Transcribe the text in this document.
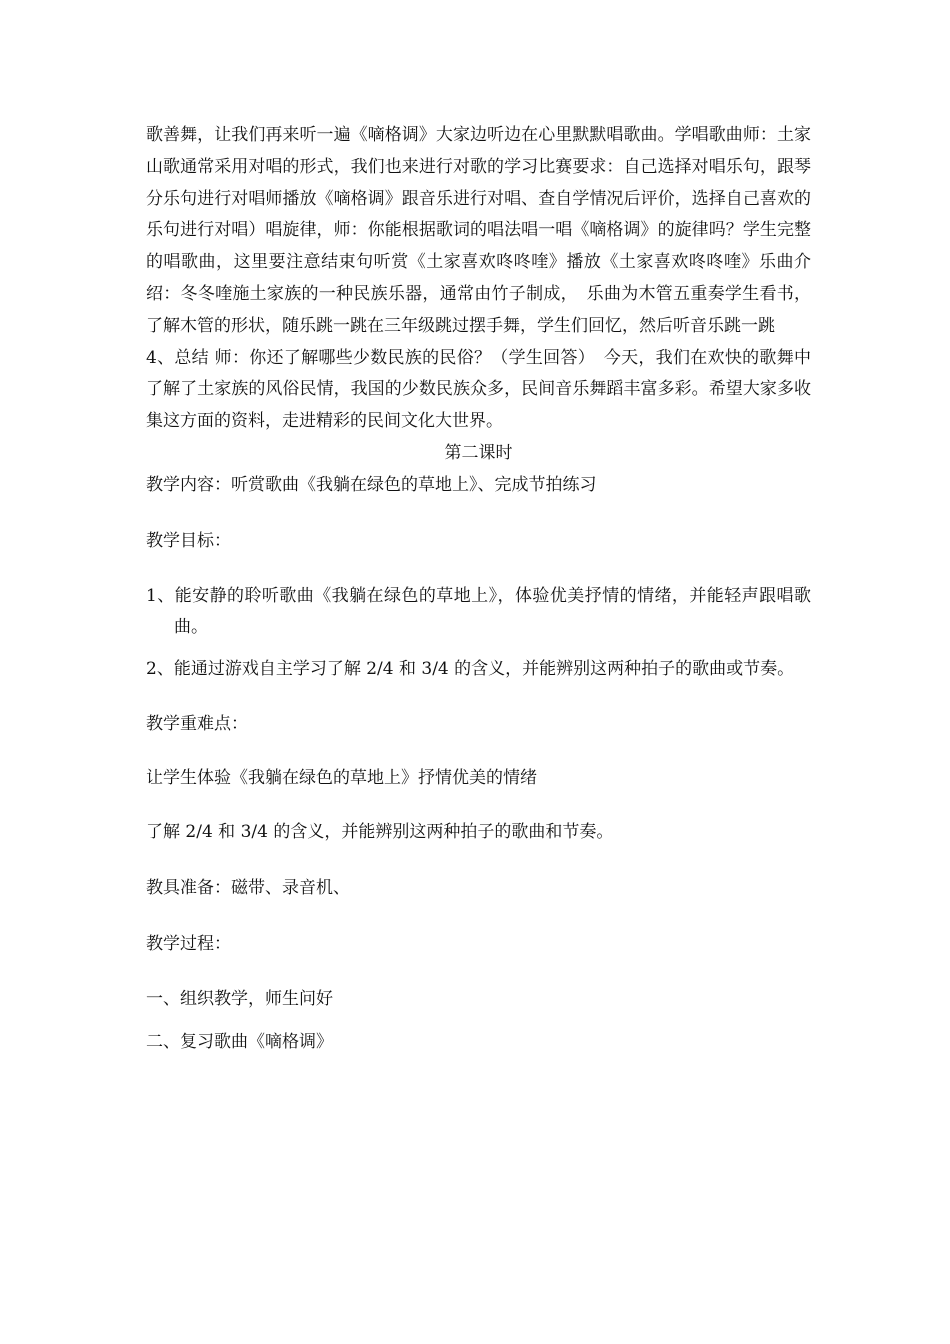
歌善舞，让我们再来听一遍《嘀格调》大家边听边在心里默默唱歌曲。学唱歌曲师：土家山歌通常采用对唱的形式，我们也来进行对歌的学习比赛要求：自己选择对唱乐句，跟琴分乐句进行对唱师播放《嘀格调》跟音乐进行对唱、查自学情况后评价，选择自己喜欢的乐句进行对唱）唱旋律，师：你能根据歌词的唱法唱一唱《嘀格调》的旋律吗？学生完整的唱歌曲，这里要注意结束句听赏《土家喜欢咚咚喹》播放《土家喜欢咚咚喹》乐曲介绍：冬冬喹施土家族的一种民族乐器，通常由竹子制成，　乐曲为木管五重奏学生看书，了解木管的形状，随乐跳一跳在三年级跳过摆手舞，学生们回忆，然后听音乐跳一跳

4、总结 师：你还了解哪些少数民族的民俗？（学生回答）　今天，我们在欢快的歌舞中了解了土家族的风俗民情，我国的少数民族众多，民间音乐舞蹈丰富多彩。希望大家多收集这方面的资料，走进精彩的民间文化大世界。

第二课时

教学内容：听赏歌曲《我躺在绿色的草地上》、完成节拍练习

教学目标：

1、能安静的聆听歌曲《我躺在绿色的草地上》，体验优美抒情的情绪，并能轻声跟唱歌曲。

2、能通过游戏自主学习了解 2/4 和 3/4 的含义，并能辨别这两种拍子的歌曲或节奏。

教学重难点：

让学生体验《我躺在绿色的草地上》抒情优美的情绪

了解 2/4 和 3/4 的含义，并能辨别这两种拍子的歌曲和节奏。

教具准备：磁带、录音机、

教学过程：

一、组织教学，师生问好

二、复习歌曲《嘀格调》
